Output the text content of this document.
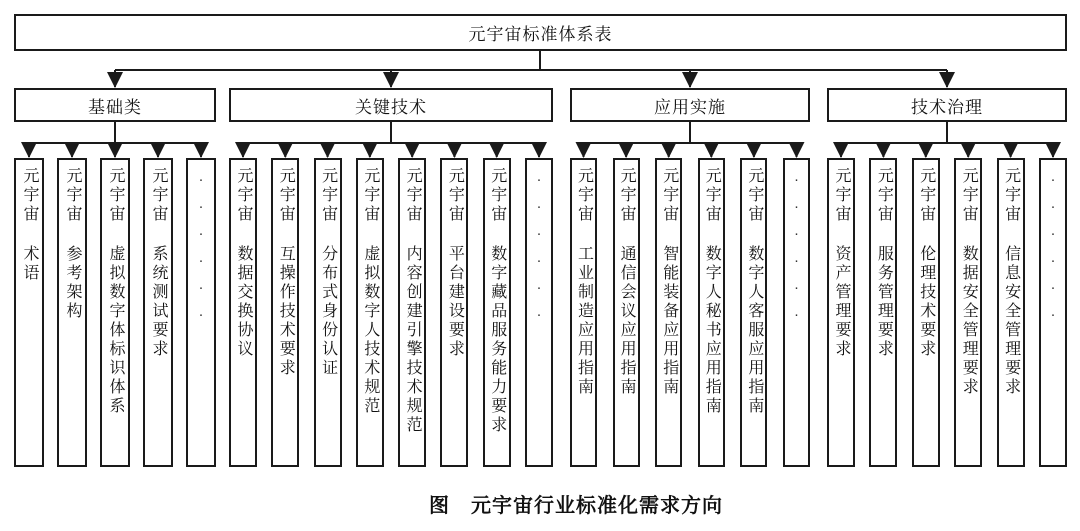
元宇宙标准体系表
基础类
元宇宙
术语
元宇宙
参考架构
元宇宙
虚拟数字体标识体系
元宇宙
系统测试要求 ······
关键技术
元宇宙
数据交换协议
元宇宙
互操作技术要求
元宇宙
分布式身份认证
元宇宙
虚拟数字人技术规范
元宇宙
内容创建引擎技术规范
元宇宙
平台建设要求
元宇宙
数字藏品服务能力要求 ······
应用实施
元宇宙
工业制造应用指南
元宇宙
通信会议应用指南
元宇宙
智能装备应用指南
元宇宙
数字人秘书应用指南
元宇宙
数字人客服应用指南 ······
技术治理
元宇宙
资产管理要求
元宇宙
服务管理要求
元宇宙
伦理技术要求
元宇宙
数据安全管理要求
元宇宙
信息安全管理要求 ······
图　元宇宙行业标准化需求方向
